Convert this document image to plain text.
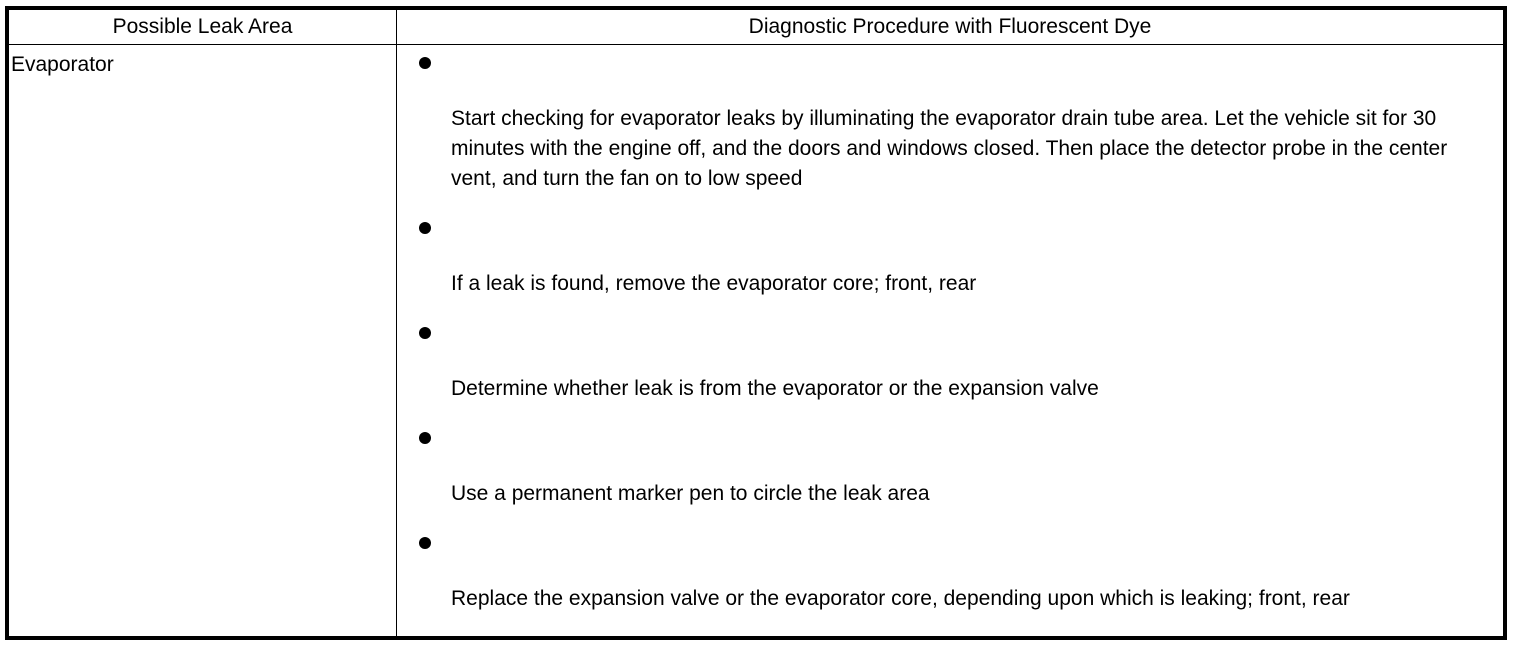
Possible Leak Area	Diagnostic Procedure with Fluorescent Dye
Evaporator	Start checking for evaporator leaks by illuminating the evaporator drain tube area. Let the vehicle sit for 30 minutes with the engine off, and the doors and windows closed. Then place the detector probe in the center vent, and turn the fan on to low speed
If a leak is found, remove the evaporator core; front, rear
Determine whether leak is from the evaporator or the expansion valve
Use a permanent marker pen to circle the leak area
Replace the expansion valve or the evaporator core, depending upon which is leaking; front, rear
